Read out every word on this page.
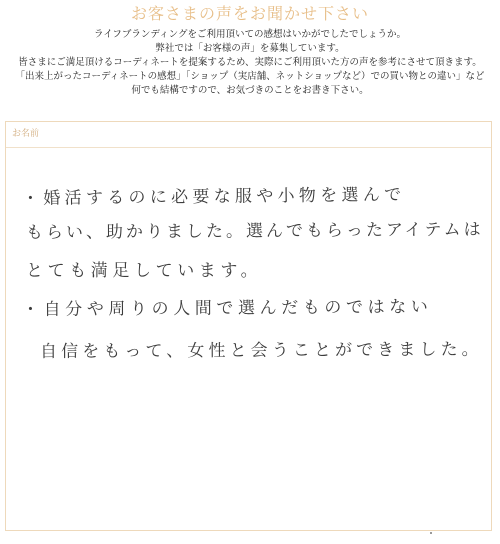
お客さまの声をお聞かせ下さい
ライフブランディングをご利用頂いての感想はいかがでしたでしょうか。
弊社では「お客様の声」を募集しています。
皆さまにご満足頂けるコーディネートを提案するため、実際にご利用頂いた方の声を参考にさせて頂きます。
「出来上がったコーディネートの感想」「ショップ（実店舗、ネットショップなど）での買い物との違い」など
何でも結構ですので、お気づきのことをお書き下さい。
お名前

・婚活するのに必要な服や小物を選んで

もらい、助かりました。選んでもらったアイテムは

とても満足しています。

・自分や周りの人間で選んだものではない

自信をもって、女性と会うことができました。
